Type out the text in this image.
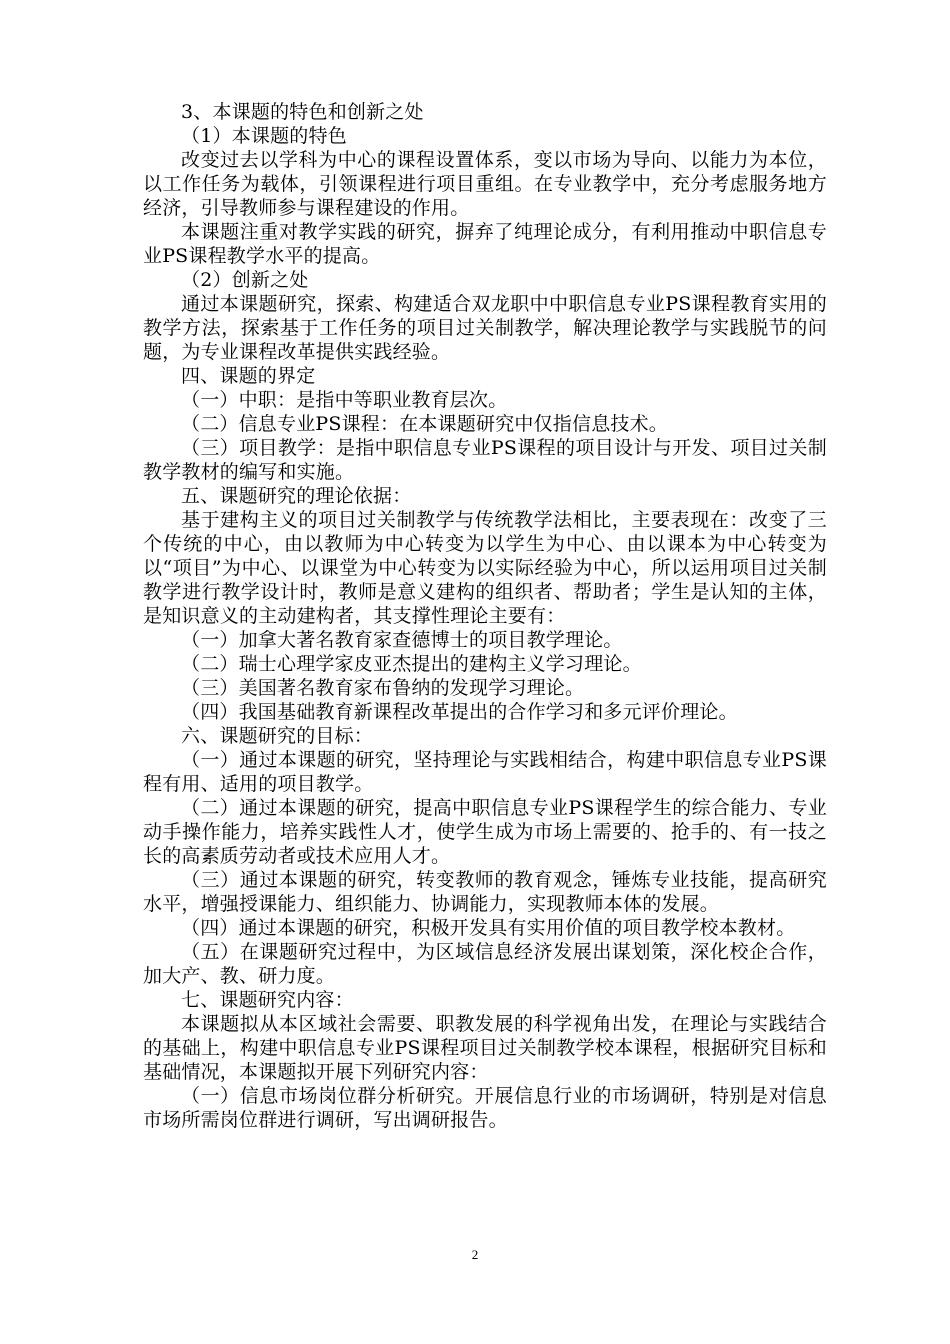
3、本课题的特色和创新之处

（1）本课题的特色

改变过去以学科为中心的课程设置体系，变以市场为导向、以能力为本位，以工作任务为载体，引领课程进行项目重组。在专业教学中，充分考虑服务地方经济，引导教师参与课程建设的作用。

本课题注重对教学实践的研究，摒弃了纯理论成分，有利用推动中职信息专业PS课程教学水平的提高。

（2）创新之处

通过本课题研究，探索、构建适合双龙职中中职信息专业PS课程教育实用的教学方法，探索基于工作任务的项目过关制教学，解决理论教学与实践脱节的问题，为专业课程改革提供实践经验。

四、课题的界定

（一）中职：是指中等职业教育层次。

（二）信息专业PS课程：在本课题研究中仅指信息技术。

（三）项目教学：是指中职信息专业PS课程的项目设计与开发、项目过关制教学教材的编写和实施。

五、课题研究的理论依据：

基于建构主义的项目过关制教学与传统教学法相比，主要表现在：改变了三个传统的中心，由以教师为中心转变为以学生为中心、由以课本为中心转变为以“项目”为中心、以课堂为中心转变为以实际经验为中心，所以运用项目过关制教学进行教学设计时，教师是意义建构的组织者、帮助者；学生是认知的主体，是知识意义的主动建构者，其支撑性理论主要有：

（一）加拿大著名教育家查德博士的项目教学理论。

（二）瑞士心理学家皮亚杰提出的建构主义学习理论。

（三）美国著名教育家布鲁纳的发现学习理论。

（四）我国基础教育新课程改革提出的合作学习和多元评价理论。

六、课题研究的目标：

（一）通过本课题的研究，坚持理论与实践相结合，构建中职信息专业PS课程有用、适用的项目教学。

（二）通过本课题的研究，提高中职信息专业PS课程学生的综合能力、专业动手操作能力，培养实践性人才，使学生成为市场上需要的、抢手的、有一技之长的高素质劳动者或技术应用人才。

（三）通过本课题的研究，转变教师的教育观念，锤炼专业技能，提高研究水平，增强授课能力、组织能力、协调能力，实现教师本体的发展。

（四）通过本课题的研究，积极开发具有实用价值的项目教学校本教材。

（五）在课题研究过程中，为区域信息经济发展出谋划策，深化校企合作，加大产、教、研力度。

七、课题研究内容：

本课题拟从本区域社会需要、职教发展的科学视角出发，在理论与实践结合的基础上，构建中职信息专业PS课程项目过关制教学校本课程，根据研究目标和基础情况，本课题拟开展下列研究内容：

（一）信息市场岗位群分析研究。开展信息行业的市场调研，特别是对信息市场所需岗位群进行调研，写出调研报告。

2
